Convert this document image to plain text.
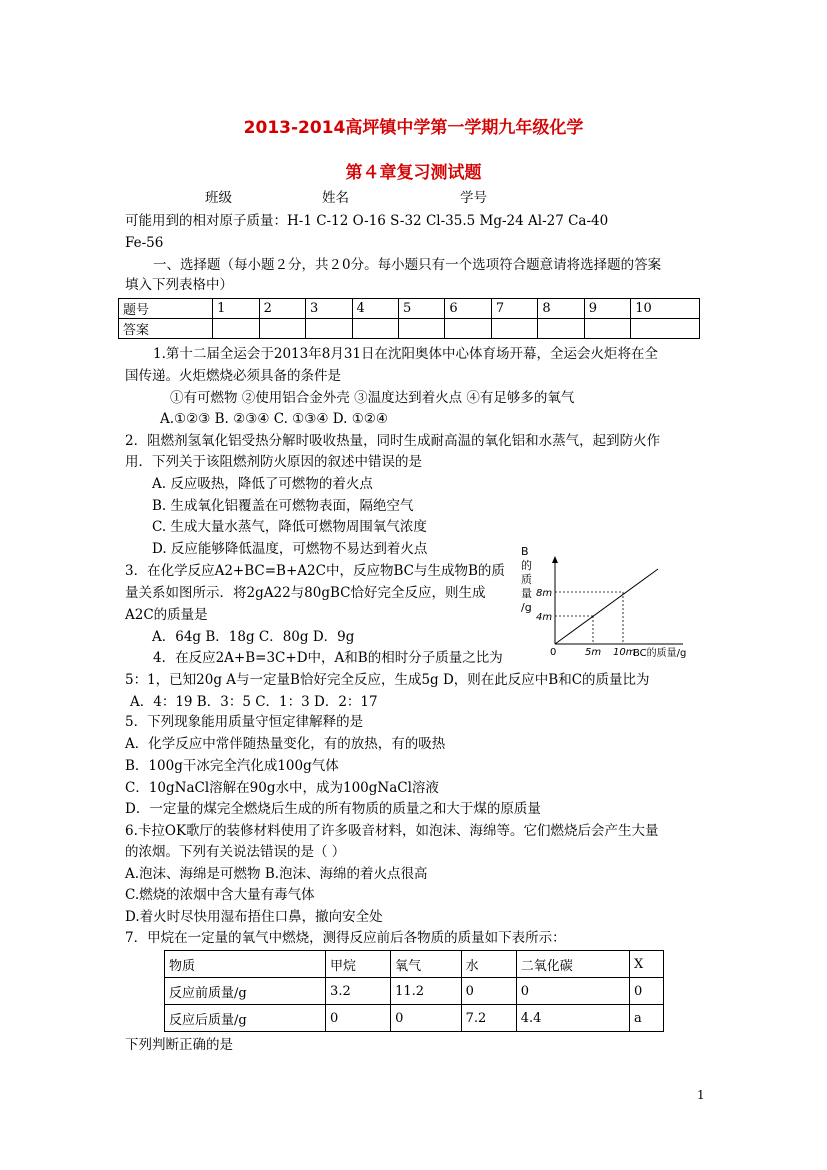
2013-2014高坪镇中学第一学期九年级化学
第４章复习测试题
班级	姓名	学号
可能用到的相对原子质量：H-1 C-12 O-16 S-32 Cl-35.5 Mg-24 Al-27 Ca-40
Fe-56
一、选择题（每小题２分，共２0分。每小题只有一个选项符合题意请将选择题的答案
填入下列表格中）
题号	1	2	3	4	5	6	7	8	9	10
答案										
1.第十二届全运会于2013年8月31日在沈阳奥体中心体育场开幕，全运会火炬将在全
国传递。火炬燃烧必须具备的条件是
①有可燃物 ②使用铝合金外壳 ③温度达到着火点 ④有足够多的氧气
A.①②③ B. ②③④ C. ①③④ D. ①②④
2．阻燃剂氢氧化铝受热分解时吸收热量，同时生成耐高温的氧化铝和水蒸气，起到防火作
用．下列关于该阻燃剂防火原因的叙述中错误的是
A. 反应吸热，降低了可燃物的着火点
B. 生成氧化铝覆盖在可燃物表面，隔绝空气
C. 生成大量水蒸气，降低可燃物周围氧气浓度
D. 反应能够降低温度，可燃物不易达到着火点
3．在化学反应A2+BC=B+A2C中，反应物BC与生成物B的质
量关系如图所示．将2gA22与80gBC恰好完全反应，则生成
A2C的质量是
A．64g B．18g C．80g D．9g
B
的
质
量
/g
8m
4m
0	5m 10m
BC的质量/g
4．在反应2A+B=3C+D中，A和B的相时分子质量之比为
5：1，已知20g A与一定量B恰好完全反应，生成5g D，则在此反应中B和C的质量比为
A．4：19 B．3：5 C．1：3 D．2：17
5．下列现象能用质量守恒定律解释的是
A．化学反应中常伴随热量变化，有的放热，有的吸热
B．100g干冰完全汽化成100g气体
C．10gNaCl溶解在90g水中，成为100gNaCl溶液
D．一定量的煤完全燃烧后生成的所有物质的质量之和大于煤的原质量
6.卡拉OK歌厅的装修材料使用了许多吸音材料，如泡沫、海绵等。它们燃烧后会产生大量
的浓烟。下列有关说法错误的是（ ）
A.泡沫、海绵是可燃物 B.泡沫、海绵的着火点很高
C.燃烧的浓烟中含大量有毒气体
D.着火时尽快用湿布捂住口鼻，撤向安全处
7．甲烷在一定量的氧气中燃烧，测得反应前后各物质的质量如下表所示：
物质	甲烷	氧气	水	二氧化碳	X
反应前质量/g	3.2	11.2	0	0	0
反应后质量/g	0	0	7.2	4.4	a
下列判断正确的是
1
